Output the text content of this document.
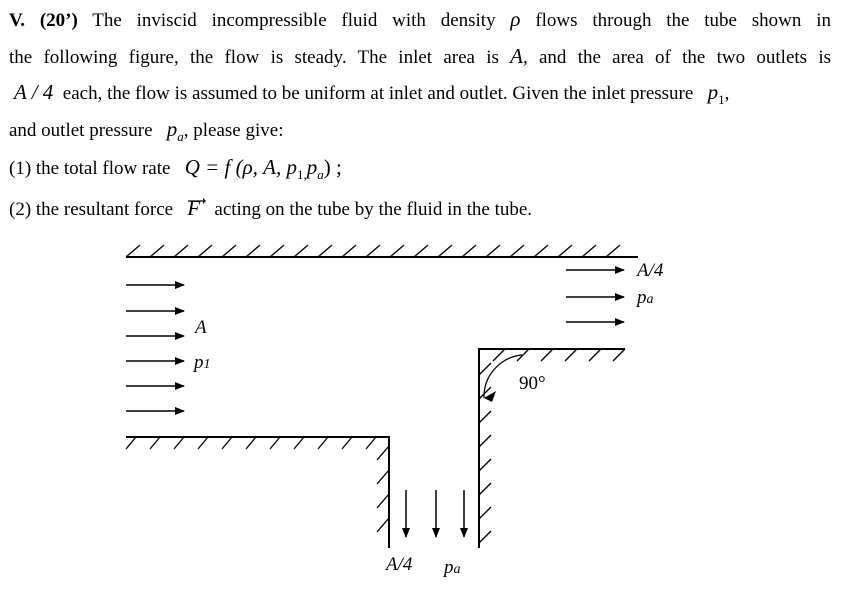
V. (20’) The inviscid incompressible fluid with density ρ flows through the tube shown in
the following figure, the flow is steady. The inlet area is A, and the area of the two outlets is
A / 4 each, the flow is assumed to be uniform at inlet and outlet. Given the inlet pressure $p_1$,
and outlet pressure $p_a$, please give:
(1) the total flow rate Q = f (ρ, A, $p_{1,}p_a$) ;
(2) the resultant force F acting on the tube by the fluid in the tube.
A
p1
A/4
pa
90°
A/4 pa
